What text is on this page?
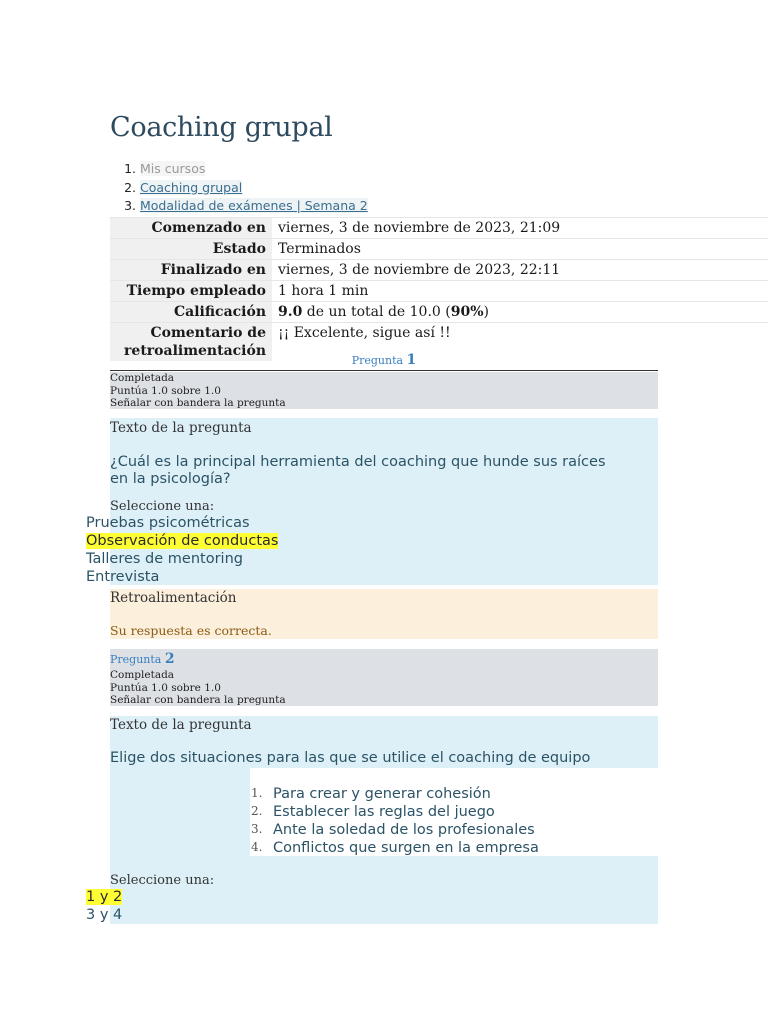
Coaching grupal
1. Mis cursos
2. Coaching grupal
3. Modalidad de exámenes | Semana 2
Comenzado en	viernes, 3 de noviembre de 2023, 21:09
Estado	Terminados
Finalizado en	viernes, 3 de noviembre de 2023, 22:11
Tiempo empleado	1 hora 1 min
Calificación	9.0 de un total de 10.0 (90%)
Comentario de
retroalimentación	¡¡ Excelente, sigue así !!
Pregunta 1
Completada
Puntúa 1.0 sobre 1.0
Señalar con bandera la pregunta
Texto de la pregunta
¿Cuál es la principal herramienta del coaching que hunde sus raíces
en la psicología?
Seleccione una:
Pruebas psicométricas
Observación de conductas
Talleres de mentoring
Entrevista
Retroalimentación
Su respuesta es correcta.
Pregunta 2
Completada
Puntúa 1.0 sobre 1.0
Señalar con bandera la pregunta
Texto de la pregunta
Elige dos situaciones para las que se utilice el coaching de equipo
1. Para crear y generar cohesión
2. Establecer las reglas del juego
3. Ante la soledad de los profesionales
4. Conflictos que surgen en la empresa
Seleccione una:
1 y 2
3 y 4
